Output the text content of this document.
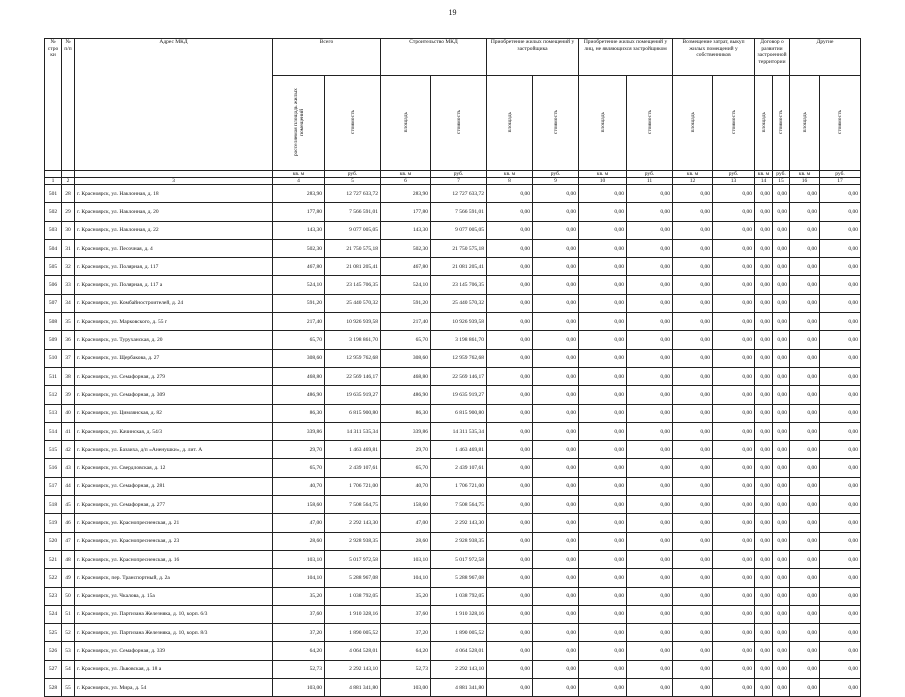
19
№ стро ки	№ п/п	Адрес МКД	Всего		Строительство МКД		Приобретение жилых помещений у застройщика		Приобретение жилых помещений у лиц, не являющихся застройщиком		Возмещение затрат, выкуп жилых помещений у собственников		Договор о развитии застроенной территории		Другие	
			расселяемая площадь жилых помещений	стоимость	площадь	стоимость	площадь	стоимость	площадь	стоимость	площадь	стоимость	площадь	стоимость	площадь	стоимость
			кв. м	руб.	кв. м	руб.	кв. м	руб.	кв. м	руб.	кв. м	руб.	кв. м	руб.	кв. м	руб.
1	2	3	4	5	6	7	8	9	10	11	12	13	14	15	16	17
501	28	г. Красноярск, ул. Наклонная, д. 18	283,90	12 727 633,72	283,90	12 727 633,72	0,00	0,00	0,00	0,00	0,00	0,00	0,00	0,00	0,00	0,00
502	29	г. Красноярск, ул. Наклонная, д. 20	177,80	7 566 591,01	177,80	7 566 591,01	0,00	0,00	0,00	0,00	0,00	0,00	0,00	0,00	0,00	0,00
503	30	г. Красноярск, ул. Наклонная, д. 22	143,30	9 077 005,05	143,30	9 077 005,05	0,00	0,00	0,00	0,00	0,00	0,00	0,00	0,00	0,00	0,00
504	31	г. Красноярск, ул. Песочная, д. 4	502,30	21 750 575,18	502,30	21 750 575,18	0,00	0,00	0,00	0,00	0,00	0,00	0,00	0,00	0,00	0,00
505	32	г. Красноярск, ул. Полярная, д. 117	467,80	21 081 205,41	467,80	21 081 205,41	0,00	0,00	0,00	0,00	0,00	0,00	0,00	0,00	0,00	0,00
506	33	г. Красноярск, ул. Полярная, д. 117 а	524,10	23 145 706,35	524,10	23 145 706,35	0,00	0,00	0,00	0,00	0,00	0,00	0,00	0,00	0,00	0,00
507	34	г. Красноярск, ул. Комбайностроителей, д. 24	591,20	25 440 570,32	591,20	25 440 570,32	0,00	0,00	0,00	0,00	0,00	0,00	0,00	0,00	0,00	0,00
508	35	г. Красноярск, ул. Марковского, д. 55 г	217,40	10 926 939,58	217,40	10 926 939,58	0,00	0,00	0,00	0,00	0,00	0,00	0,00	0,00	0,00	0,00
509	36	г. Красноярск, ул. Туруханская, д. 20	65,70	3 198 861,70	65,70	3 198 861,70	0,00	0,00	0,00	0,00	0,00	0,00	0,00	0,00	0,00	0,00
510	37	г. Красноярск, ул. Щербакова, д. 27	308,60	12 959 762,68	308,60	12 959 762,68	0,00	0,00	0,00	0,00	0,00	0,00	0,00	0,00	0,00	0,00
511	38	г. Красноярск, ул. Семафорная, д. 279	468,80	22 569 146,17	468,80	22 569 146,17	0,00	0,00	0,00	0,00	0,00	0,00	0,00	0,00	0,00	0,00
512	39	г. Красноярск, ул. Семафорная, д. 309	486,90	19 635 919,27	486,90	19 635 919,27	0,00	0,00	0,00	0,00	0,00	0,00	0,00	0,00	0,00	0,00
513	40	г. Красноярск, ул. Цимлянская, д. 82	86,30	6 815 900,80	86,30	6 815 900,80	0,00	0,00	0,00	0,00	0,00	0,00	0,00	0,00	0,00	0,00
514	41	г. Красноярск, ул. Качинская, д. 54/3	339,86	14 311 535,34	339,86	14 311 535,34	0,00	0,00	0,00	0,00	0,00	0,00	0,00	0,00	0,00	0,00
515	42	г. Красноярск, ул. Базаиха, д/п «Аненушки», д. лит. А	29,70	1 463 469,81	29,70	1 463 469,81	0,00	0,00	0,00	0,00	0,00	0,00	0,00	0,00	0,00	0,00
516	43	г. Красноярск, ул. Свердловская, д. 12	65,70	2 439 107,61	65,70	2 439 107,61	0,00	0,00	0,00	0,00	0,00	0,00	0,00	0,00	0,00	0,00
517	44	г. Красноярск, ул. Семафорная, д. 281	40,70	1 706 721,00	40,70	1 706 721,00	0,00	0,00	0,00	0,00	0,00	0,00	0,00	0,00	0,00	0,00
518	45	г. Красноярск, ул. Семафорная, д. 277	158,60	7 508 564,75	158,60	7 508 564,75	0,00	0,00	0,00	0,00	0,00	0,00	0,00	0,00	0,00	0,00
519	46	г. Красноярск, ул. Краснопресненская, д. 21	47,00	2 292 143,30	47,00	2 292 143,30	0,00	0,00	0,00	0,00	0,00	0,00	0,00	0,00	0,00	0,00
520	47	г. Красноярск, ул. Краснопресненская, д. 23	28,60	2 928 938,35	28,60	2 928 938,35	0,00	0,00	0,00	0,00	0,00	0,00	0,00	0,00	0,00	0,00
521	48	г. Красноярск, ул. Краснопресненская, д. 16	103,10	5 017 972,58	103,10	5 017 972,58	0,00	0,00	0,00	0,00	0,00	0,00	0,00	0,00	0,00	0,00
522	49	г. Красноярск, пер. Транспортный, д. 2а	104,10	5 288 967,08	104,10	5 288 967,08	0,00	0,00	0,00	0,00	0,00	0,00	0,00	0,00	0,00	0,00
523	50	г. Красноярск, ул. Чкалова, д. 15а	35,20	1 038 792,05	35,20	1 038 792,05	0,00	0,00	0,00	0,00	0,00	0,00	0,00	0,00	0,00	0,00
524	51	г. Красноярск, ул. Партизана Железняка, д. 10, корп. 6/3	37,60	1 910 328,16	37,60	1 910 328,16	0,00	0,00	0,00	0,00	0,00	0,00	0,00	0,00	0,00	0,00
525	52	г. Красноярск, ул. Партизана Железняка, д. 10, корп. 8/3	37,20	1 890 005,52	37,20	1 890 005,52	0,00	0,00	0,00	0,00	0,00	0,00	0,00	0,00	0,00	0,00
526	53	г. Красноярск, ул. Семафорная, д. 339	64,20	4 064 528,01	64,20	4 064 528,01	0,00	0,00	0,00	0,00	0,00	0,00	0,00	0,00	0,00	0,00
527	54	г. Красноярск, ул. Львовская, д. 18 а	52,73	2 292 143,10	52,73	2 292 143,10	0,00	0,00	0,00	0,00	0,00	0,00	0,00	0,00	0,00	0,00
528	55	г. Красноярск, ул. Мира, д. 54	103,00	4 881 341,80	103,00	4 881 341,80	0,00	0,00	0,00	0,00	0,00	0,00	0,00	0,00	0,00	0,00
